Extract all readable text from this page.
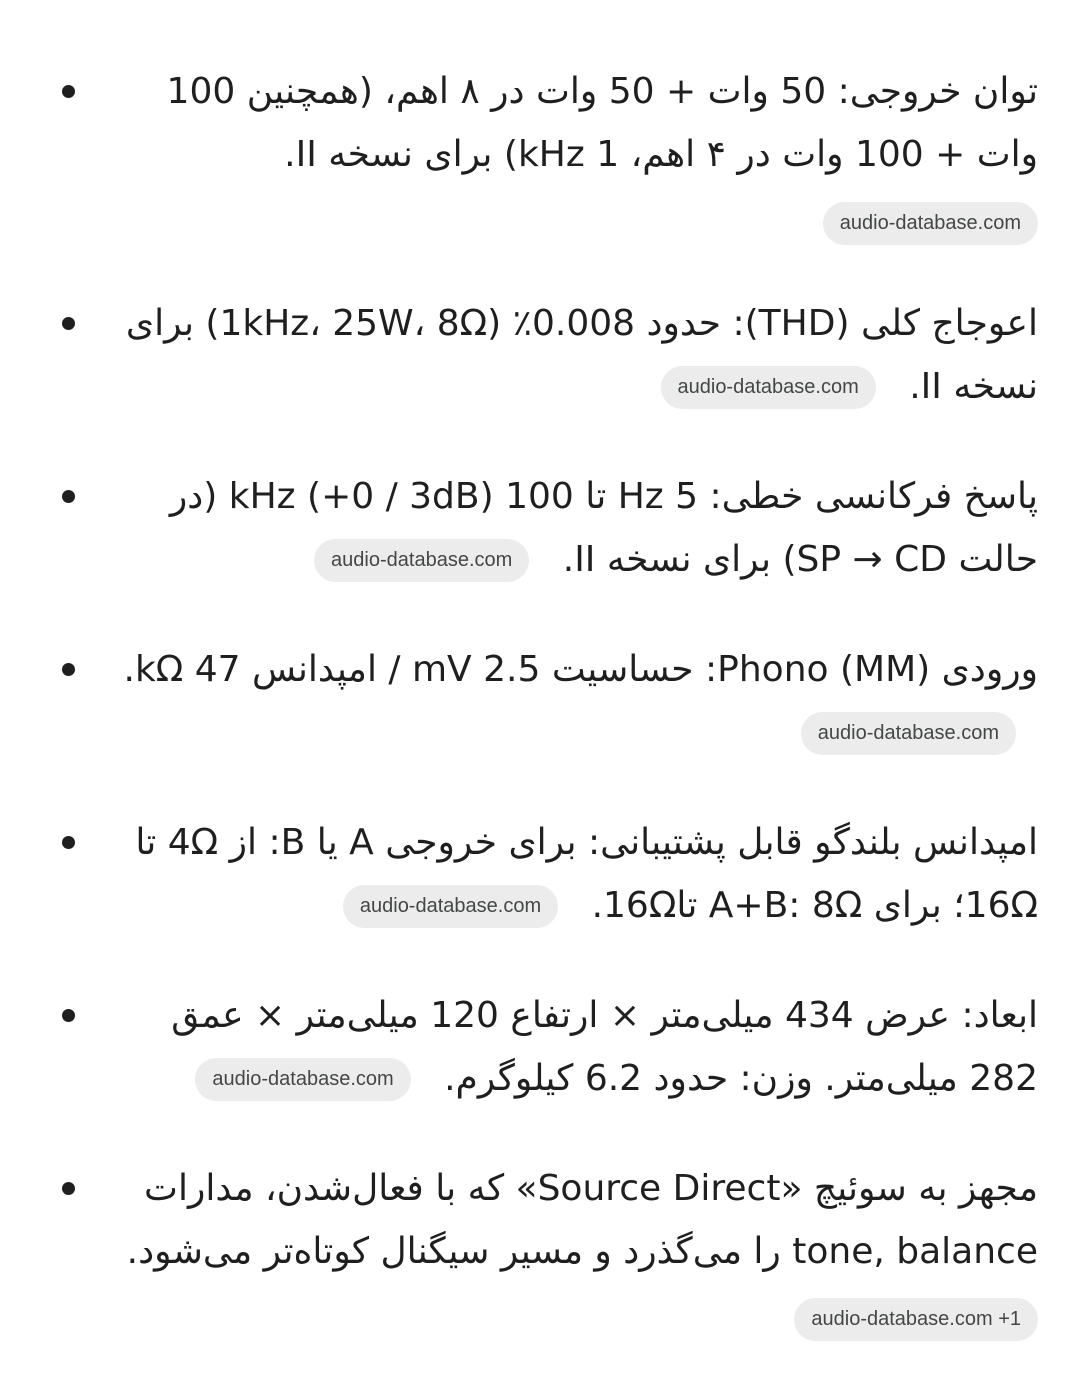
توان خروجی: 50 وات + 50 وات در ۸ اهم، (همچنین 100 وات + 100 وات در ۴ اهم، kHz 1) برای نسخه II.
audio-database.com
اعوجاج کلی (THD): حدود 0.008٪ (1kHz، 25W، 8Ω) برای نسخه II. audio-database.com
پاسخ فرکانسی خطی: 5 Hz تا 100 kHz (+0 / 3dB) (در حالت SP → CD) برای نسخه II. audio-database.com
ورودی Phono (MM): حساسیت 2.5 mV / امپدانس 47 kΩ. audio-database.com
امپدانس بلندگو قابل پشتیبانی: برای خروجی A یا B: از 4Ω تا 16Ω؛ برای A+B: 8Ω تا16Ω. audio-database.com
ابعاد: عرض 434 میلی‌متر × ارتفاع 120 میلی‌متر × عمق 282 میلی‌متر. وزن: حدود 6.2 کیلوگرم. audio-database.com
مجهز به سوئیچ «Source Direct» که با فعال‌شدن، مدارات tone, balance را می‌گذرد و مسیر سیگنال کوتاه‌تر می‌شود.
audio-database.com +1
